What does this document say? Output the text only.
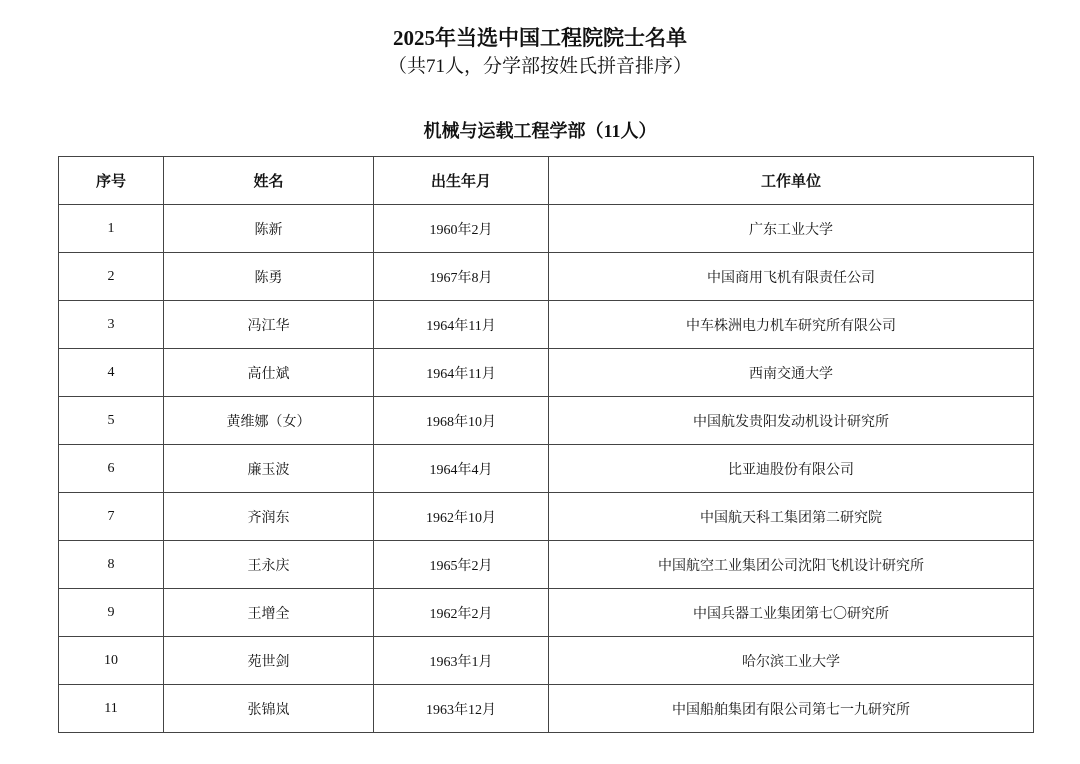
2025年当选中国工程院院士名单
（共71人，分学部按姓氏拼音排序）
机械与运载工程学部（11人）
序号	姓名	出生年月	工作单位
1	陈新	1960年2月	广东工业大学
2	陈勇	1967年8月	中国商用飞机有限责任公司
3	冯江华	1964年11月	中车株洲电力机车研究所有限公司
4	高仕斌	1964年11月	西南交通大学
5	黄维娜（女）	1968年10月	中国航发贵阳发动机设计研究所
6	廉玉波	1964年4月	比亚迪股份有限公司
7	齐润东	1962年10月	中国航天科工集团第二研究院
8	王永庆	1965年2月	中国航空工业集团公司沈阳飞机设计研究所
9	王增全	1962年2月	中国兵器工业集团第七〇研究所
10	苑世剑	1963年1月	哈尔滨工业大学
11	张锦岚	1963年12月	中国船舶集团有限公司第七一九研究所
